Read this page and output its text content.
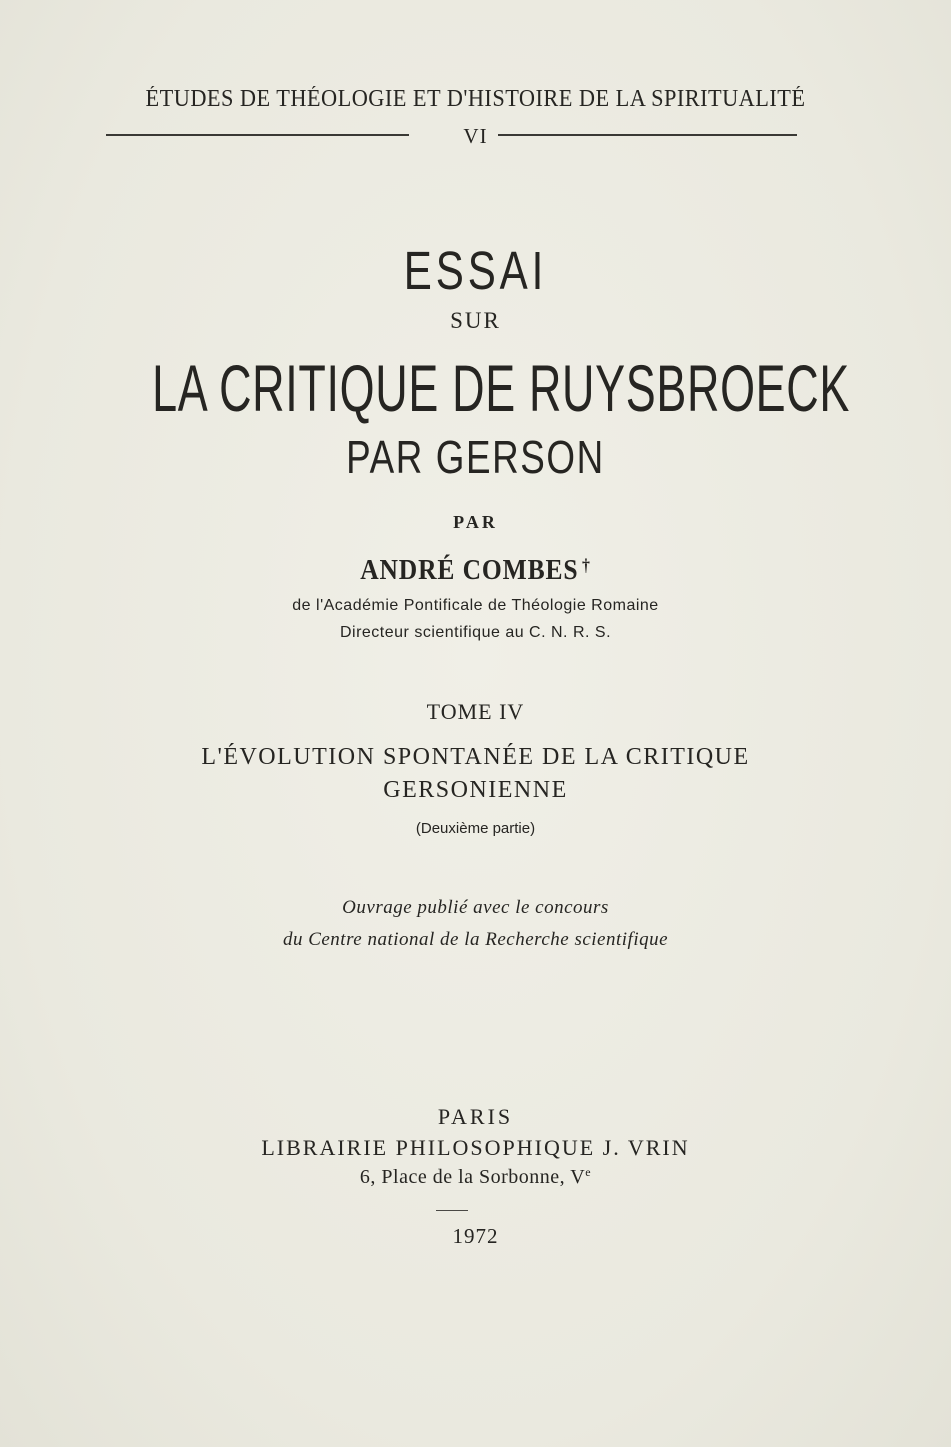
ÉTUDES DE THÉOLOGIE ET D'HISTOIRE DE LA SPIRITUALITÉ
VI
ESSAI
SUR
LA CRITIQUE DE RUYSBROECK
PAR GERSON
PAR
ANDRÉ COMBES †
de l'Académie Pontificale de Théologie Romaine
Directeur scientifique au C. N. R. S.
TOME IV
L'ÉVOLUTION SPONTANÉE DE LA CRITIQUE
GERSONIENNE
(Deuxième partie)
Ouvrage publié avec le concours
du Centre national de la Recherche scientifique
PARIS
LIBRAIRIE PHILOSOPHIQUE J. VRIN
6, Place de la Sorbonne, Ve
1972
